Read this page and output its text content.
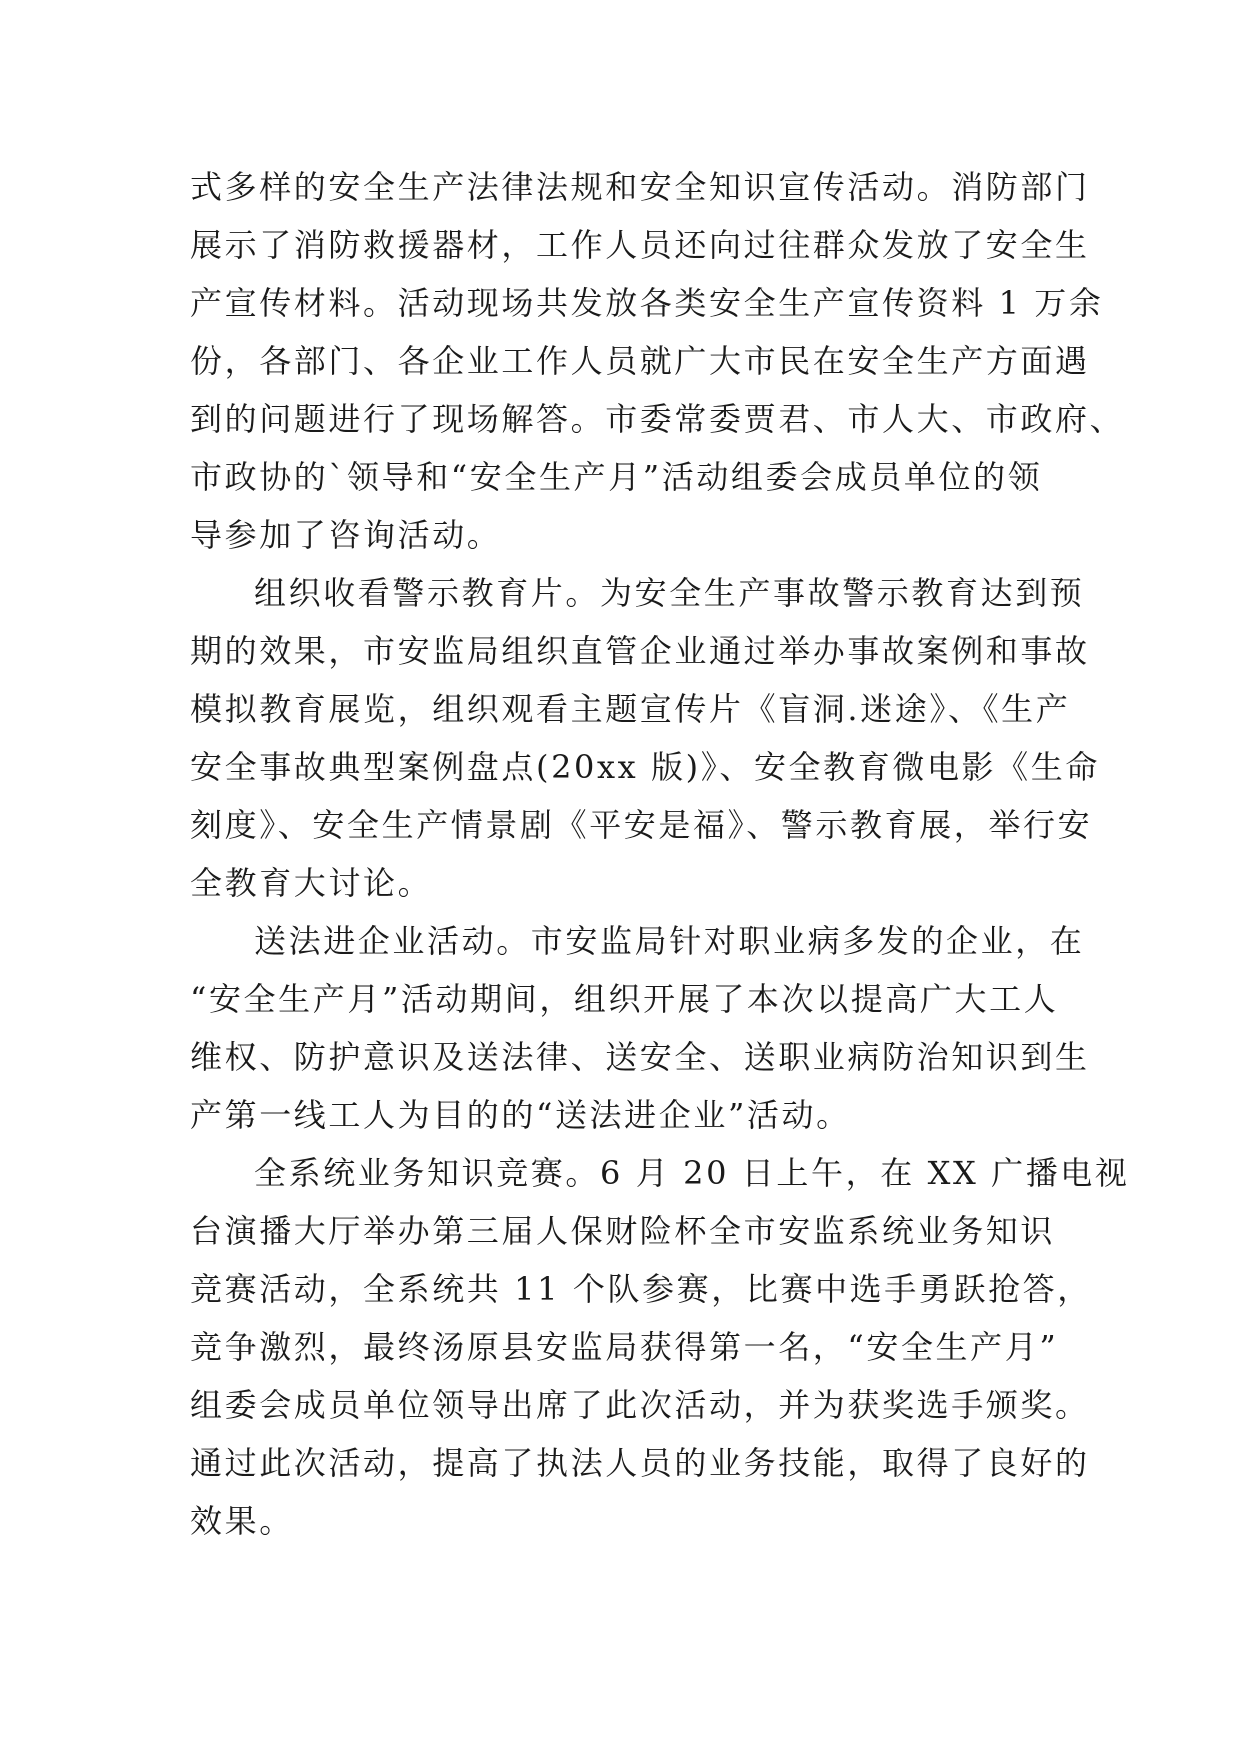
式多样的安全生产法律法规和安全知识宣传活动。消防部门
展示了消防救援器材，工作人员还向过往群众发放了安全生
产宣传材料。活动现场共发放各类安全生产宣传资料 1 万余
份，各部门、各企业工作人员就广大市民在安全生产方面遇
到的问题进行了现场解答。市委常委贾君、市人大、市政府、
市政协的`领导和“安全生产月”活动组委会成员单位的领
导参加了咨询活动。
组织收看警示教育片。为安全生产事故警示教育达到预
期的效果，市安监局组织直管企业通过举办事故案例和事故
模拟教育展览，组织观看主题宣传片《盲洞.迷途》、《生产
安全事故典型案例盘点(20xx 版)》、安全教育微电影《生命
刻度》、安全生产情景剧《平安是福》、警示教育展，举行安
全教育大讨论。
送法进企业活动。市安监局针对职业病多发的企业，在
“安全生产月”活动期间，组织开展了本次以提高广大工人
维权、防护意识及送法律、送安全、送职业病防治知识到生
产第一线工人为目的的“送法进企业”活动。
全系统业务知识竞赛。6 月 20 日上午，在 XX 广播电视
台演播大厅举办第三届人保财险杯全市安监系统业务知识
竞赛活动，全系统共 11 个队参赛，比赛中选手勇跃抢答，
竞争激烈，最终汤原县安监局获得第一名，“安全生产月”
组委会成员单位领导出席了此次活动，并为获奖选手颁奖。
通过此次活动，提高了执法人员的业务技能，取得了良好的
效果。
